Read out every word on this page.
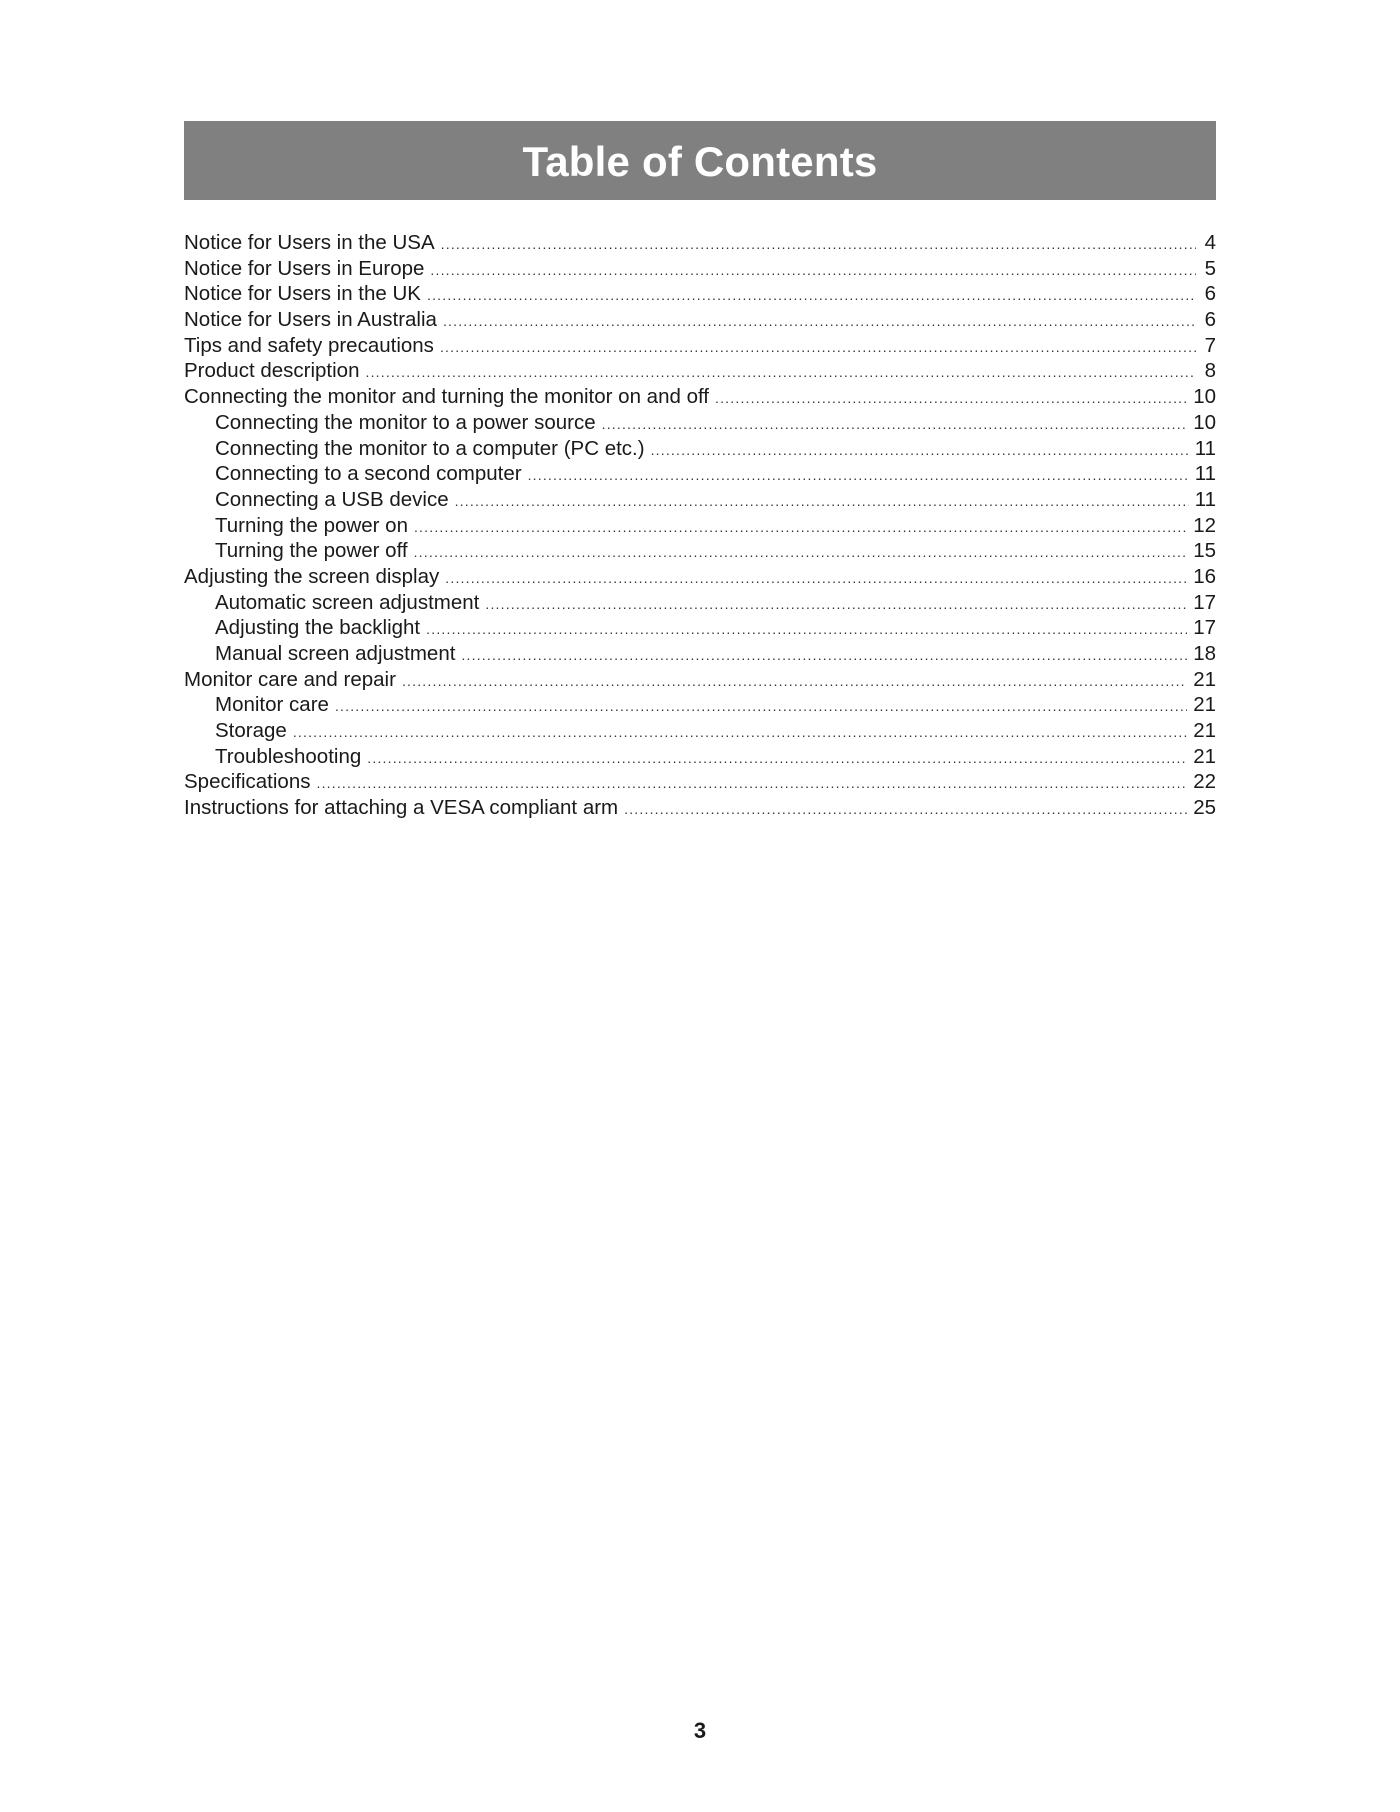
Table of Contents
Notice for Users in the USA .....	4
Notice for Users in Europe .....	5
Notice for Users in the UK .....	6
Notice for Users in Australia .....	6
Tips and safety precautions .....	7
Product description .....	8
Connecting the monitor and turning the monitor on and off .....	10
Connecting the monitor to a power source .....	10
Connecting the monitor to a computer (PC etc.) .....	11
Connecting to a second computer .....	11
Connecting a USB device .....	11
Turning the power on .....	12
Turning the power off .....	15
Adjusting the screen display .....	16
Automatic screen adjustment .....	17
Adjusting the backlight .....	17
Manual screen adjustment .....	18
Monitor care and repair .....	21
Monitor care .....	21
Storage .....	21
Troubleshooting .....	21
Specifications .....	22
Instructions for attaching a VESA compliant arm .....	25
3
